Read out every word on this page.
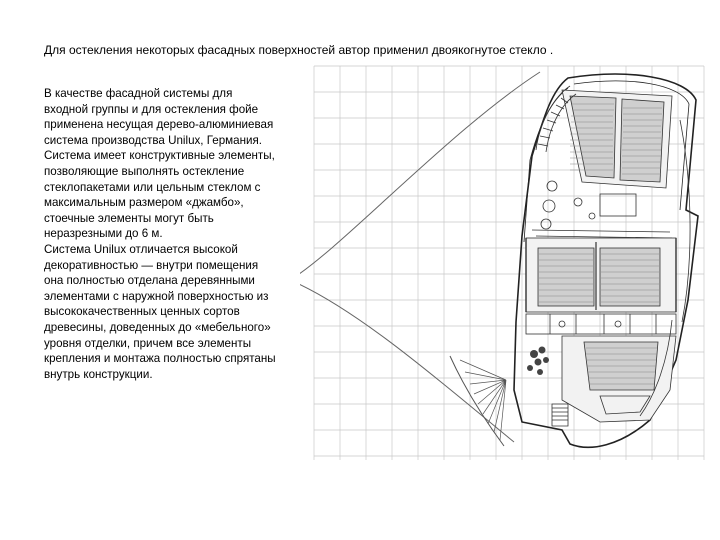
Для остекления некоторых фасадных поверхностей автор применил двоякогнутое стекло .

В качестве фасадной системы для входной группы и для остекления фойе применена несущая дерево-алюминиевая система производства Unilux, Германия.

Система имеет конструктивные элементы, позволяющие выполнять остекление стеклопакетами или цельным стеклом с максимальным размером «джамбо», стоечные элементы могут быть неразрезными до 6 м.

Система Unilux отличается высокой декоративностью — внутри помещения она полностью отделана деревянными элементами с наружной поверхностью из высококачественных ценных сортов древесины, доведенных до «мебельного» уровня отделки, причем все элементы крепления и монтажа полностью спрятаны внутрь конструкции.
